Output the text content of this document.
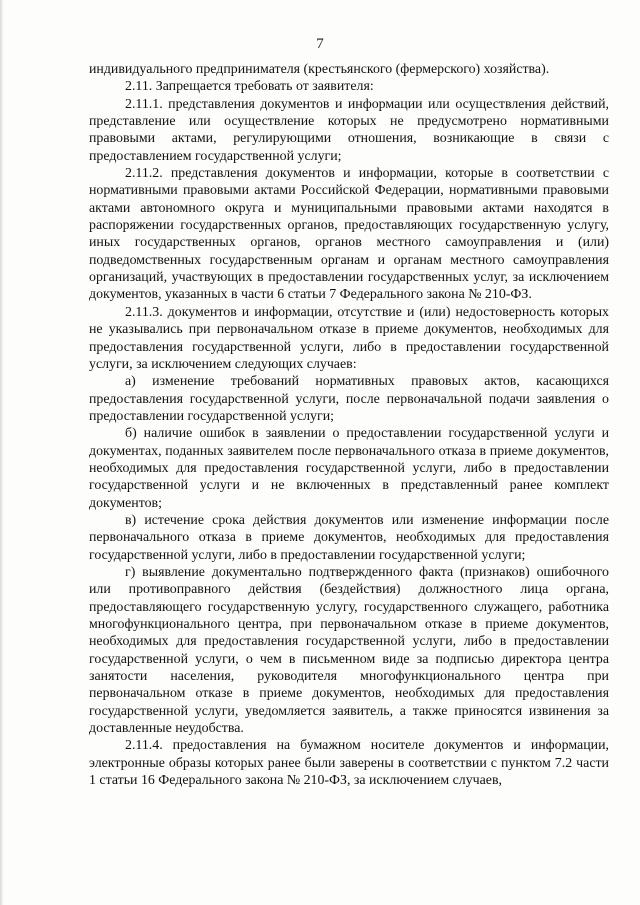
7

индивидуального предпринимателя (крестьянского (фермерского) хозяйства).

2.11. Запрещается требовать от заявителя:

2.11.1. представления документов и информации или осуществления действий, представление или осуществление которых не предусмотрено нормативными правовыми актами, регулирующими отношения, возникающие в связи с предоставлением государственной услуги;

2.11.2. представления документов и информации, которые в соответствии с нормативными правовыми актами Российской Федерации, нормативными правовыми актами автономного округа и муниципальными правовыми актами находятся в распоряжении государственных органов, предоставляющих государственную услугу, иных государственных органов, органов местного самоуправления и (или) подведомственных государственным органам и органам местного самоуправления организаций, участвующих в предоставлении государственных услуг, за исключением документов, указанных в части 6 статьи 7 Федерального закона № 210-ФЗ.

2.11.3. документов и информации, отсутствие и (или) недостоверность которых не указывались при первоначальном отказе в приеме документов, необходимых для предоставления государственной услуги, либо в предоставлении государственной услуги, за исключением следующих случаев:

а) изменение требований нормативных правовых актов, касающихся предоставления государственной услуги, после первоначальной подачи заявления о предоставлении государственной услуги;

б) наличие ошибок в заявлении о предоставлении государственной услуги и документах, поданных заявителем после первоначального отказа в приеме документов, необходимых для предоставления государственной услуги, либо в предоставлении государственной услуги и не включенных в представленный ранее комплект документов;

в) истечение срока действия документов или изменение информации после первоначального отказа в приеме документов, необходимых для предоставления государственной услуги, либо в предоставлении государственной услуги;

г) выявление документально подтвержденного факта (признаков) ошибочного или противоправного действия (бездействия) должностного лица органа, предоставляющего государственную услугу, государственного служащего, работника многофункционального центра, при первоначальном отказе в приеме документов, необходимых для предоставления государственной услуги, либо в предоставлении государственной услуги, о чем в письменном виде за подписью директора центра занятости населения, руководителя многофункционального центра при первоначальном отказе в приеме документов, необходимых для предоставления государственной услуги, уведомляется заявитель, а также приносятся извинения за доставленные неудобства.

2.11.4. предоставления на бумажном носителе документов и информации, электронные образы которых ранее были заверены в соответствии с пунктом 7.2 части 1 статьи 16 Федерального закона № 210-ФЗ, за исключением случаев,
